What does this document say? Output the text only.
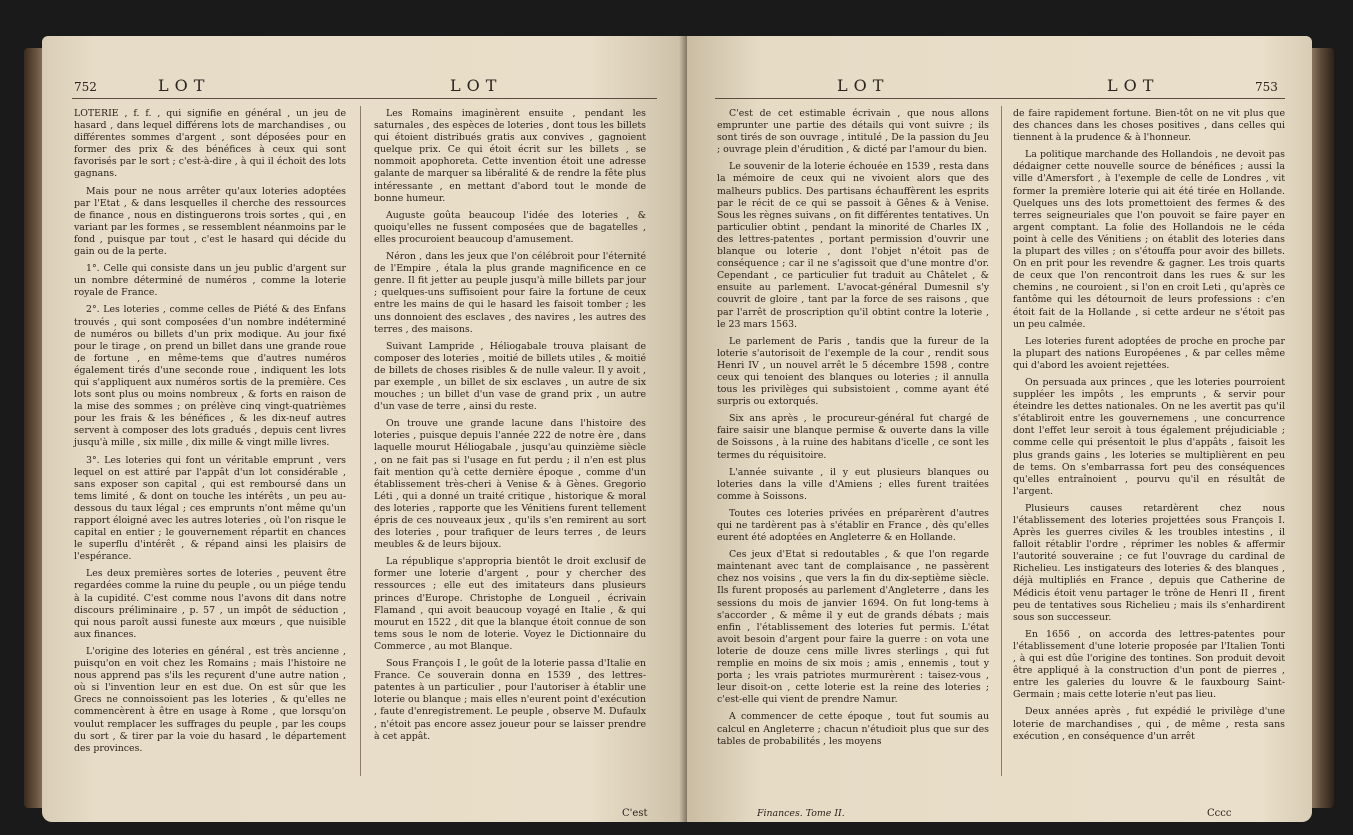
752	LOT	LOT

LOTERIE , f. f. , qui signifie en général , un jeu de hasard , dans lequel différens lots de marchandises , ou différentes sommes d'argent , sont déposées pour en former des prix & des bénéfices à ceux qui sont favorisés par le sort ; c'est-à-dire , à qui il échoit des lots gagnans.

Mais pour ne nous arrêter qu'aux loteries adoptées par l'Etat , & dans lesquelles il cherche des ressources de finance , nous en distinguerons trois sortes , qui , en variant par les formes , se ressemblent néanmoins par le fond , puisque par tout , c'est le hasard qui décide du gain ou de la perte.

1°. Celle qui consiste dans un jeu public d'argent sur un nombre déterminé de numéros , comme la loterie royale de France.

2°. Les loteries , comme celles de Piété & des Enfans trouvés , qui sont composées d'un nombre indéterminé de numéros ou billets d'un prix modique. Au jour fixé pour le tirage , on prend un billet dans une grande roue de fortune , en même-tems que d'autres numéros également tirés d'une seconde roue , indiquent les lots qui s'appliquent aux numéros sortis de la première. Ces lots sont plus ou moins nombreux , & forts en raison de la mise des sommes ; on prélève cinq vingt-quatrièmes pour les frais & les bénéfices , & les dix-neuf autres servent à composer des lots gradués , depuis cent livres jusqu'à mille , six mille , dix mille & vingt mille livres.

3°. Les loteries qui font un véritable emprunt , vers lequel on est attiré par l'appât d'un lot considérable , sans exposer son capital , qui est remboursé dans un tems limité , & dont on touche les intérêts , un peu au-dessous du taux légal ; ces emprunts n'ont même qu'un rapport éloigné avec les autres loteries , où l'on risque le capital en entier ; le gouvernement répartit en chances le superflu d'intérêt , & répand ainsi les plaisirs de l'espérance.

Les deux premières sortes de loteries , peuvent être regardées comme la ruine du peuple , ou un piége tendu à la cupidité. C'est comme nous l'avons dit dans notre discours préliminaire , p. 57 , un impôt de séduction , qui nous paroît aussi funeste aux mœurs , que nuisible aux finances.

L'origine des loteries en général , est très ancienne , puisqu'on en voit chez les Romains ; mais l'histoire ne nous apprend pas s'ils les reçurent d'une autre nation , où si l'invention leur en est due. On est sûr que les Grecs ne connoissoient pas les loteries , & qu'elles ne commencèrent à être en usage à Rome , que lorsqu'on voulut remplacer les suffrages du peuple , par les coups du sort , & tirer par la voie du hasard , le département des provinces.

Les Romains imaginèrent ensuite , pendant les saturnales , des espèces de loteries , dont tous les billets qui étoient distribués gratis aux convives , gagnoient quelque prix. Ce qui étoit écrit sur les billets , se nommoit apophoreta. Cette invention étoit une adresse galante de marquer sa libéralité & de rendre la fête plus intéressante , en mettant d'abord tout le monde de bonne humeur.

Auguste goûta beaucoup l'idée des loteries , & quoiqu'elles ne fussent composées que de bagatelles , elles procuroient beaucoup d'amusement.

Néron , dans les jeux que l'on célébroit pour l'éternité de l'Empire , étala la plus grande magnificence en ce genre. Il fit jetter au peuple jusqu'à mille billets par jour ; quelques-uns suffisoient pour faire la fortune de ceux entre les mains de qui le hasard les faisoit tomber ; les uns donnoient des esclaves , des navires , les autres des terres , des maisons.

Suivant Lampride , Héliogabale trouva plaisant de composer des loteries , moitié de billets utiles , & moitié de billets de choses risibles & de nulle valeur. Il y avoit , par exemple , un billet de six esclaves , un autre de six mouches ; un billet d'un vase de grand prix , un autre d'un vase de terre , ainsi du reste.

On trouve une grande lacune dans l'histoire des loteries , puisque depuis l'année 222 de notre ère , dans laquelle mourut Héliogabale , jusqu'au quinzième siècle , on ne fait pas si l'usage en fut perdu ; il n'en est plus fait mention qu'à cette dernière époque , comme d'un établissement très-cheri à Venise & à Gènes. Gregorio Léti , qui a donné un traité critique , historique & moral des loteries , rapporte que les Vénitiens furent tellement épris de ces nouveaux jeux , qu'ils s'en remirent au sort des loteries , pour trafiquer de leurs terres , de leurs meubles & de leurs bijoux.

La république s'appropria bientôt le droit exclusif de former une loterie d'argent , pour y chercher des ressources ; elle eut des imitateurs dans plusieurs princes d'Europe. Christophe de Longueil , écrivain Flamand , qui avoit beaucoup voyagé en Italie , & qui mourut en 1522 , dit que la blanque étoit connue de son tems sous le nom de loterie. Voyez le Dictionnaire du Commerce , au mot Blanque.

Sous François I , le goût de la loterie passa d'Italie en France. Ce souverain donna en 1539 , des lettres-patentes à un particulier , pour l'autoriser à établir une loterie ou blanque ; mais elles n'eurent point d'exécution , faute d'enregistrement. Le peuple , observe M. Dufaulx , n'étoit pas encore assez joueur pour se laisser prendre à cet appât.

C'est
LOT	LOT	753

C'est de cet estimable écrivain , que nous allons emprunter une partie des détails qui vont suivre ; ils sont tirés de son ouvrage , intitulé , De la passion du Jeu ; ouvrage plein d'érudition , & dicté par l'amour du bien.

Le souvenir de la loterie échouée en 1539 , resta dans la mémoire de ceux qui ne vivoient alors que des malheurs publics. Des partisans échauffèrent les esprits par le récit de ce qui se passoit à Gênes & à Venise. Sous les règnes suivans , on fit différentes tentatives. Un particulier obtint , pendant la minorité de Charles IX , des lettres-patentes , portant permission d'ouvrir une blanque ou loterie , dont l'objet n'étoit pas de conséquence ; car il ne s'agissoit que d'une montre d'or. Cependant , ce particulier fut traduit au Châtelet , & ensuite au parlement. L'avocat-général Dumesnil s'y couvrit de gloire , tant par la force de ses raisons , que par l'arrêt de proscription qu'il obtint contre la loterie , le 23 mars 1563.

Le parlement de Paris , tandis que la fureur de la loterie s'autorisoit de l'exemple de la cour , rendit sous Henri IV , un nouvel arrêt le 5 décembre 1598 , contre ceux qui tenoient des blanques ou loteries ; il annulla tous les privilèges qui subsistoient , comme ayant été surpris ou extorqués.

Six ans après , le procureur-général fut chargé de faire saisir une blanque permise & ouverte dans la ville de Soissons , à la ruine des habitans d'icelle , ce sont les termes du réquisitoire.

L'année suivante , il y eut plusieurs blanques ou loteries dans la ville d'Amiens ; elles furent traitées comme à Soissons.

Toutes ces loteries privées en préparèrent d'autres qui ne tardèrent pas à s'établir en France , dès qu'elles eurent été adoptées en Angleterre & en Hollande.

Ces jeux d'Etat si redoutables , & que l'on regarde maintenant avec tant de complaisance , ne passèrent chez nos voisins , que vers la fin du dix-septième siècle. Ils furent proposés au parlement d'Angleterre , dans les sessions du mois de janvier 1694. On fut long-tems à s'accorder , & même il y eut de grands débats ; mais enfin , l'établissement des loteries fut permis. L'état avoit besoin d'argent pour faire la guerre : on vota une loterie de douze cens mille livres sterlings , qui fut remplie en moins de six mois ; amis , ennemis , tout y porta ; les vrais patriotes murmurèrent : taisez-vous , leur disoit-on , cette loterie est la reine des loteries ; c'est-elle qui vient de prendre Namur.

A commencer de cette époque , tout fut soumis au calcul en Angleterre ; chacun n'étudioit plus que sur des tables de probabilités , les moyens

de faire rapidement fortune. Bien-tôt on ne vit plus que des chances dans les choses positives , dans celles qui tiennent à la prudence & à l'honneur.

La politique marchande des Hollandois , ne devoit pas dédaigner cette nouvelle source de bénéfices ; aussi la ville d'Amersfort , à l'exemple de celle de Londres , vit former la première loterie qui ait été tirée en Hollande. Quelques uns des lots promettoient des fermes & des terres seigneuriales que l'on pouvoit se faire payer en argent comptant. La folie des Hollandois ne le céda point à celle des Vénitiens ; on établit des loteries dans la plupart des villes ; on s'étouffa pour avoir des billets. On en prit pour les revendre & gagner. Les trois quarts de ceux que l'on rencontroit dans les rues & sur les chemins , ne couroient , si l'on en croit Leti , qu'après ce fantôme qui les détournoit de leurs professions : c'en étoit fait de la Hollande , si cette ardeur ne s'étoit pas un peu calmée.

Les loteries furent adoptées de proche en proche par la plupart des nations Européenes , & par celles même qui d'abord les avoient rejettées.

On persuada aux princes , que les loteries pourroient suppléer les impôts , les emprunts , & servir pour éteindre les dettes nationales. On ne les avertit pas qu'il s'établiroit entre les gouvernemens , une concurrence dont l'effet leur seroit à tous également préjudiciable ; comme celle qui présentoit le plus d'appâts , faisoit les plus grands gains , les loteries se multiplièrent en peu de tems. On s'embarrassa fort peu des conséquences qu'elles entraînoient , pourvu qu'il en résultât de l'argent.

Plusieurs causes retardèrent chez nous l'établissement des loteries projettées sous François I. Après les guerres civiles & les troubles intestins , il falloit rétablir l'ordre , réprimer les nobles & affermir l'autorité souveraine ; ce fut l'ouvrage du cardinal de Richelieu. Les instigateurs des loteries & des blanques , déjà multipliés en France , depuis que Catherine de Médicis étoit venu partager le trône de Henri II , firent peu de tentatives sous Richelieu ; mais ils s'enhardirent sous son successeur.

En 1656 , on accorda des lettres-patentes pour l'établissement d'une loterie proposée par l'Italien Tonti , à qui est dûe l'origine des tontines. Son produit devoit être appliqué à la construction d'un pont de pierres , entre les galeries du louvre & le fauxbourg Saint-Germain ; mais cette loterie n'eut pas lieu.

Deux années après , fut expédié le privilège d'une loterie de marchandises , qui , de même , resta sans exécution , en conséquence d'un arrêt

Finances. Tome II.	Cccc
